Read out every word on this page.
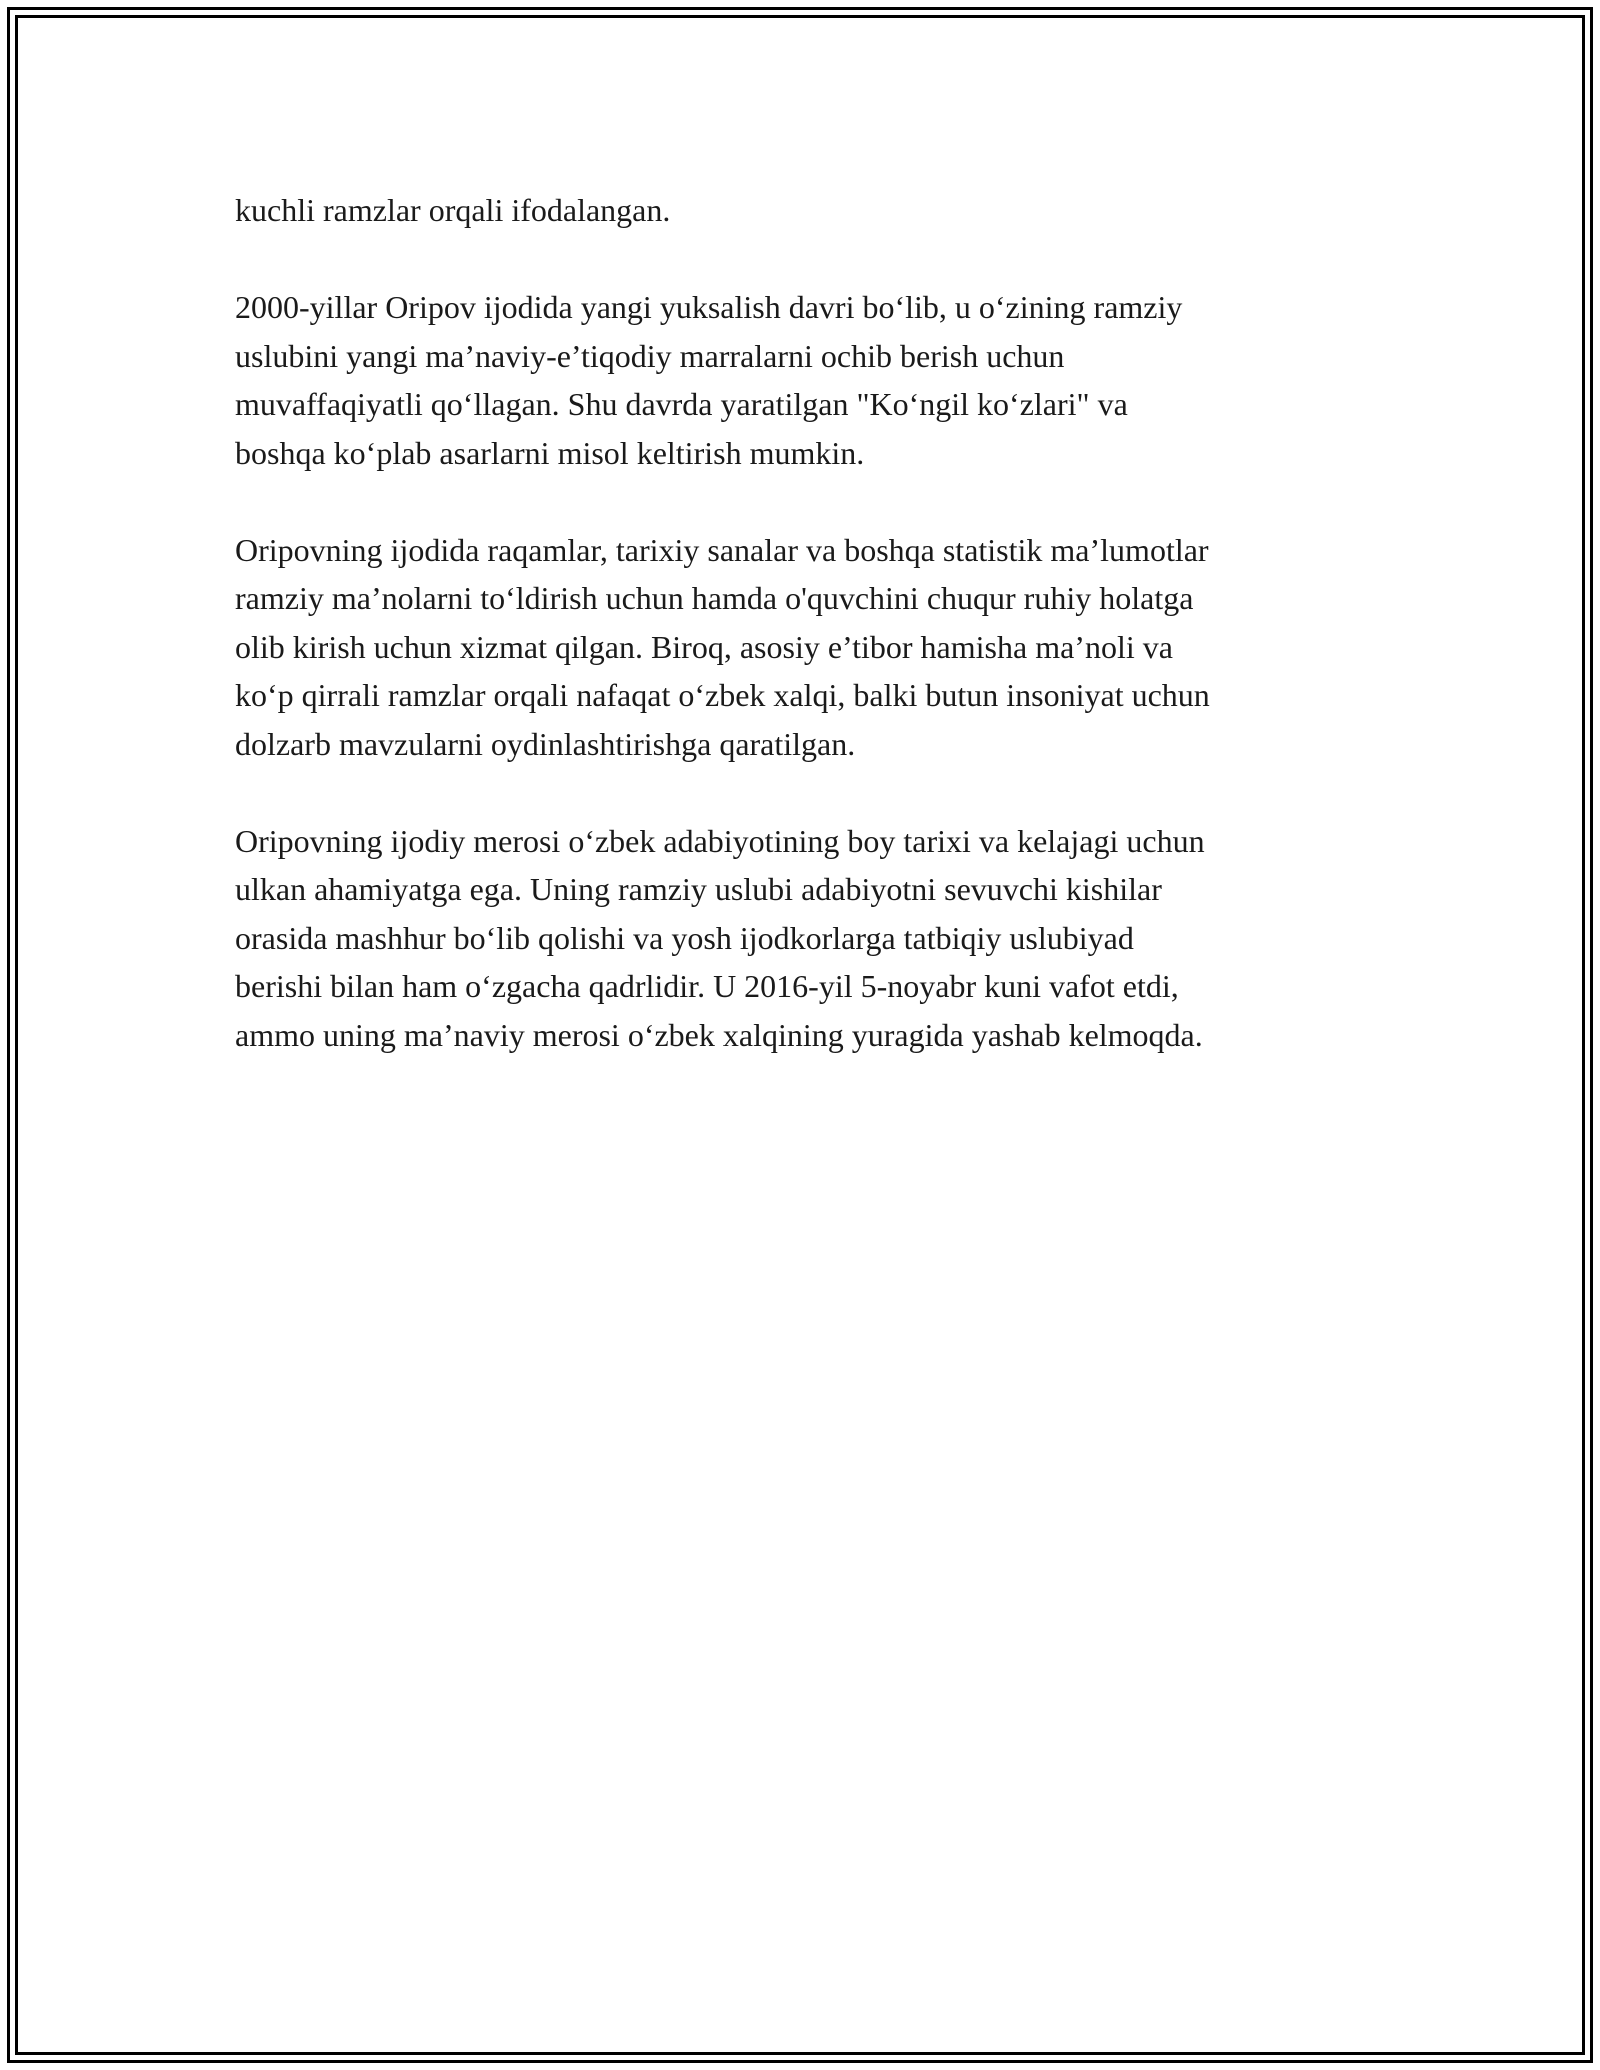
kuchli ramzlar orqali ifodalangan.

2000-yillar Oripov ijodida yangi yuksalish davri bo‘lib, u o‘zining ramziy
uslubini yangi ma’naviy-e’tiqodiy marralarni ochib berish uchun
muvaffaqiyatli qo‘llagan. Shu davrda yaratilgan "Ko‘ngil ko‘zlari" va
boshqa ko‘plab asarlarni misol keltirish mumkin.

Oripovning ijodida raqamlar, tarixiy sanalar va boshqa statistik ma’lumotlar
ramziy ma’nolarni to‘ldirish uchun hamda o'quvchini chuqur ruhiy holatga
olib kirish uchun xizmat qilgan. Biroq, asosiy e’tibor hamisha ma’noli va
ko‘p qirrali ramzlar orqali nafaqat o‘zbek xalqi, balki butun insoniyat uchun
dolzarb mavzularni oydinlashtirishga qaratilgan.

Oripovning ijodiy merosi o‘zbek adabiyotining boy tarixi va kelajagi uchun
ulkan ahamiyatga ega. Uning ramziy uslubi adabiyotni sevuvchi kishilar
orasida mashhur bo‘lib qolishi va yosh ijodkorlarga tatbiqiy uslubiyad
berishi bilan ham o‘zgacha qadrlidir. U 2016-yil 5-noyabr kuni vafot etdi,
ammo uning ma’naviy merosi o‘zbek xalqining yuragida yashab kelmoqda.
